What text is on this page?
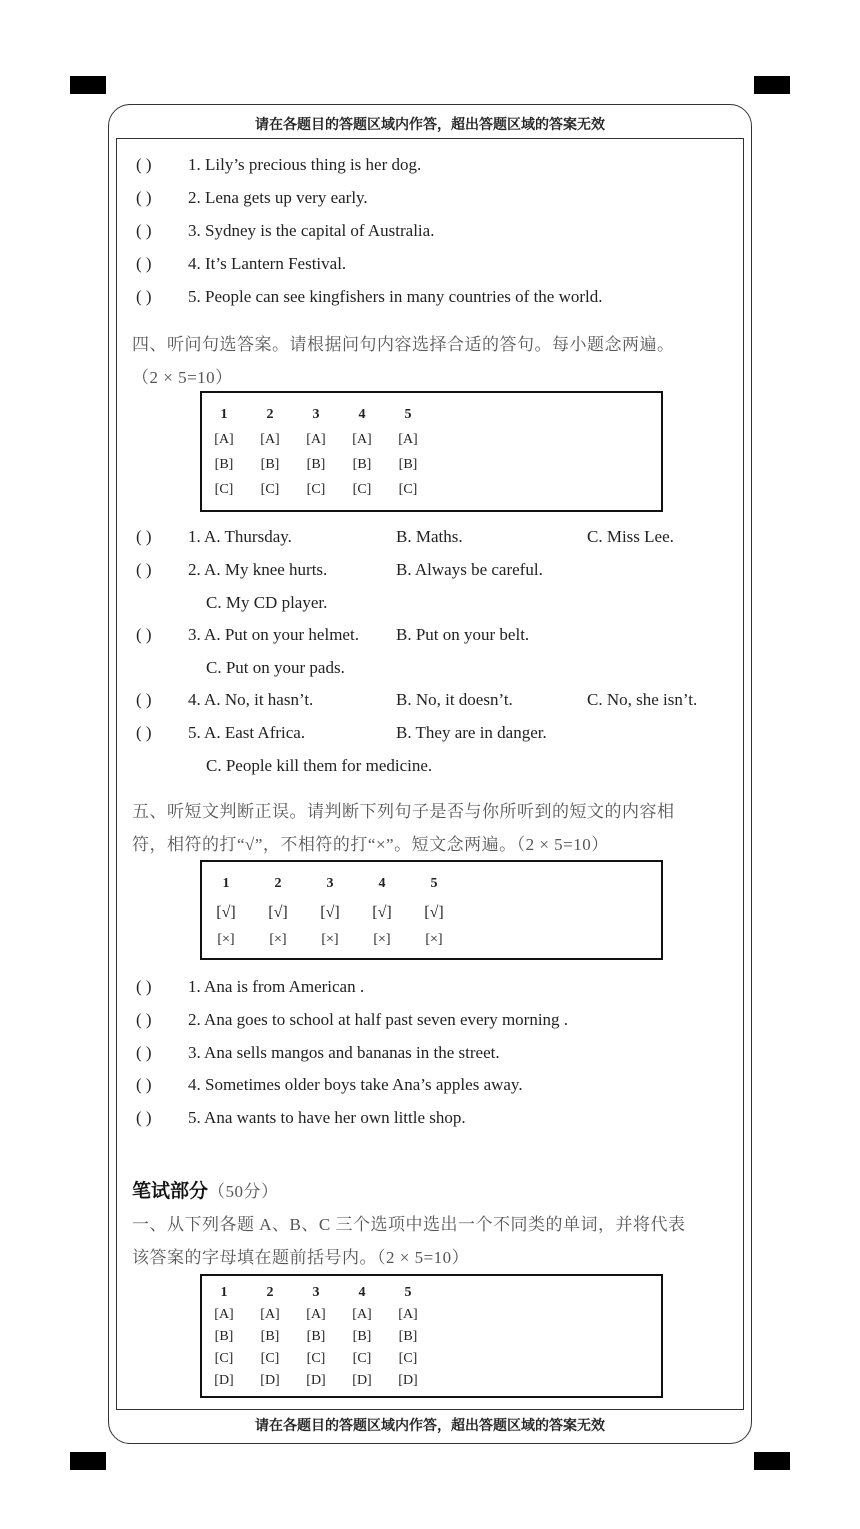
请在各题目的答题区域内作答，超出答题区域的答案无效
请在各题目的答题区域内作答，超出答题区域的答案无效
( ) 1. Lily’s precious thing is her dog.
( ) 2. Lena gets up very early.
( ) 3. Sydney is the capital of Australia.
( ) 4. It’s Lantern Festival.
( ) 5. People can see kingfishers in many countries of the world.
四、听问句选答案。请根据问句内容选择合适的答句。每小题念两遍。
（2 × 5=10）
1	2	3	4	5
[A]	[A]	[A]	[A]	[A]
[B]	[B]	[B]	[B]	[B]
[C]	[C]	[C]	[C]	[C]
( ) 1. A. Thursday.	B. Maths.	C. Miss Lee.
( ) 2. A. My knee hurts.	B. Always be careful.
C. My CD player.
( ) 3. A. Put on your helmet. B. Put on your belt.
C. Put on your pads.
( ) 4. A. No, it hasn’t.	B. No, it doesn’t.	C. No, she isn’t.
( ) 5. A. East Africa.	B. They are in danger.
C. People kill them for medicine.
五、听短文判断正误。请判断下列句子是否与你所听到的短文的内容相
符，相符的打“√”，不相符的打“×”。短文念两遍。（2 × 5=10）
1	2	3	4	5
[√]	[√]	[√]	[√]	[√]
[×]	[×]	[×]	[×]	[×]
( ) 1. Ana is from American .
( ) 2. Ana goes to school at half past seven every morning .
( ) 3. Ana sells mangos and bananas in the street.
( ) 4. Sometimes older boys take Ana’s apples away.
( ) 5. Ana wants to have her own little shop.
笔试部分（50分）
一、从下列各题 A、B、C 三个选项中选出一个不同类的单词，并将代表
该答案的字母填在题前括号内。（2 × 5=10）
1	2	3	4	5
[A]	[A]	[A]	[A]	[A]
[B]	[B]	[B]	[B]	[B]
[C]	[C]	[C]	[C]	[C]
[D]	[D]	[D]	[D]	[D]
